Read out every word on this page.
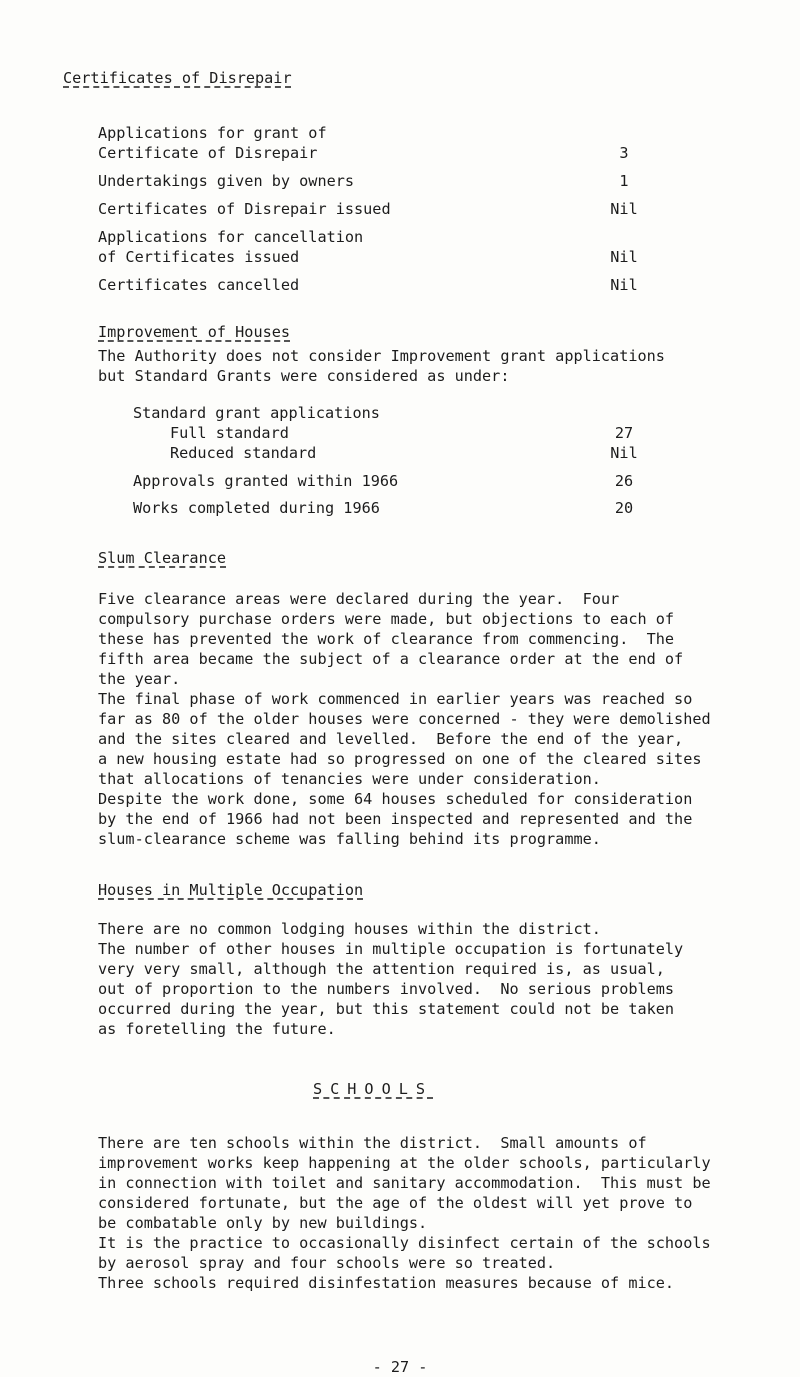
Certificates of Disrepair
Applications for grant of
Certificate of Disrepair	3
Undertakings given by owners	1
Certificates of Disrepair issued	Nil
Applications for cancellation
of Certificates issued	Nil
Certificates cancelled	Nil
Improvement of Houses
The Authority does not consider Improvement grant applications
but Standard Grants were considered as under:
Standard grant applications
Full standard	27
Reduced standard	Nil
Approvals granted within 1966	26
Works completed during 1966	20
Slum Clearance
Five clearance areas were declared during the year.  Four
compulsory purchase orders were made, but objections to each of
these has prevented the work of clearance from commencing.  The
fifth area became the subject of a clearance order at the end of
the year.
The final phase of work commenced in earlier years was reached so
far as 80 of the older houses were concerned - they were demolished
and the sites cleared and levelled.  Before the end of the year,
a new housing estate had so progressed on one of the cleared sites
that allocations of tenancies were under consideration.
Despite the work done, some 64 houses scheduled for consideration
by the end of 1966 had not been inspected and represented and the
slum-clearance scheme was falling behind its programme.
Houses in Multiple Occupation
There are no common lodging houses within the district.
The number of other houses in multiple occupation is fortunately
very very small, although the attention required is, as usual,
out of proportion to the numbers involved.  No serious problems
occurred during the year, but this statement could not be taken
as foretelling the future.
SCHOOLS
There are ten schools within the district.  Small amounts of
improvement works keep happening at the older schools, particularly
in connection with toilet and sanitary accommodation.  This must be
considered fortunate, but the age of the oldest will yet prove to
be combatable only by new buildings.
It is the practice to occasionally disinfect certain of the schools
by aerosol spray and four schools were so treated.
Three schools required disinfestation measures because of mice.
- 27 -
